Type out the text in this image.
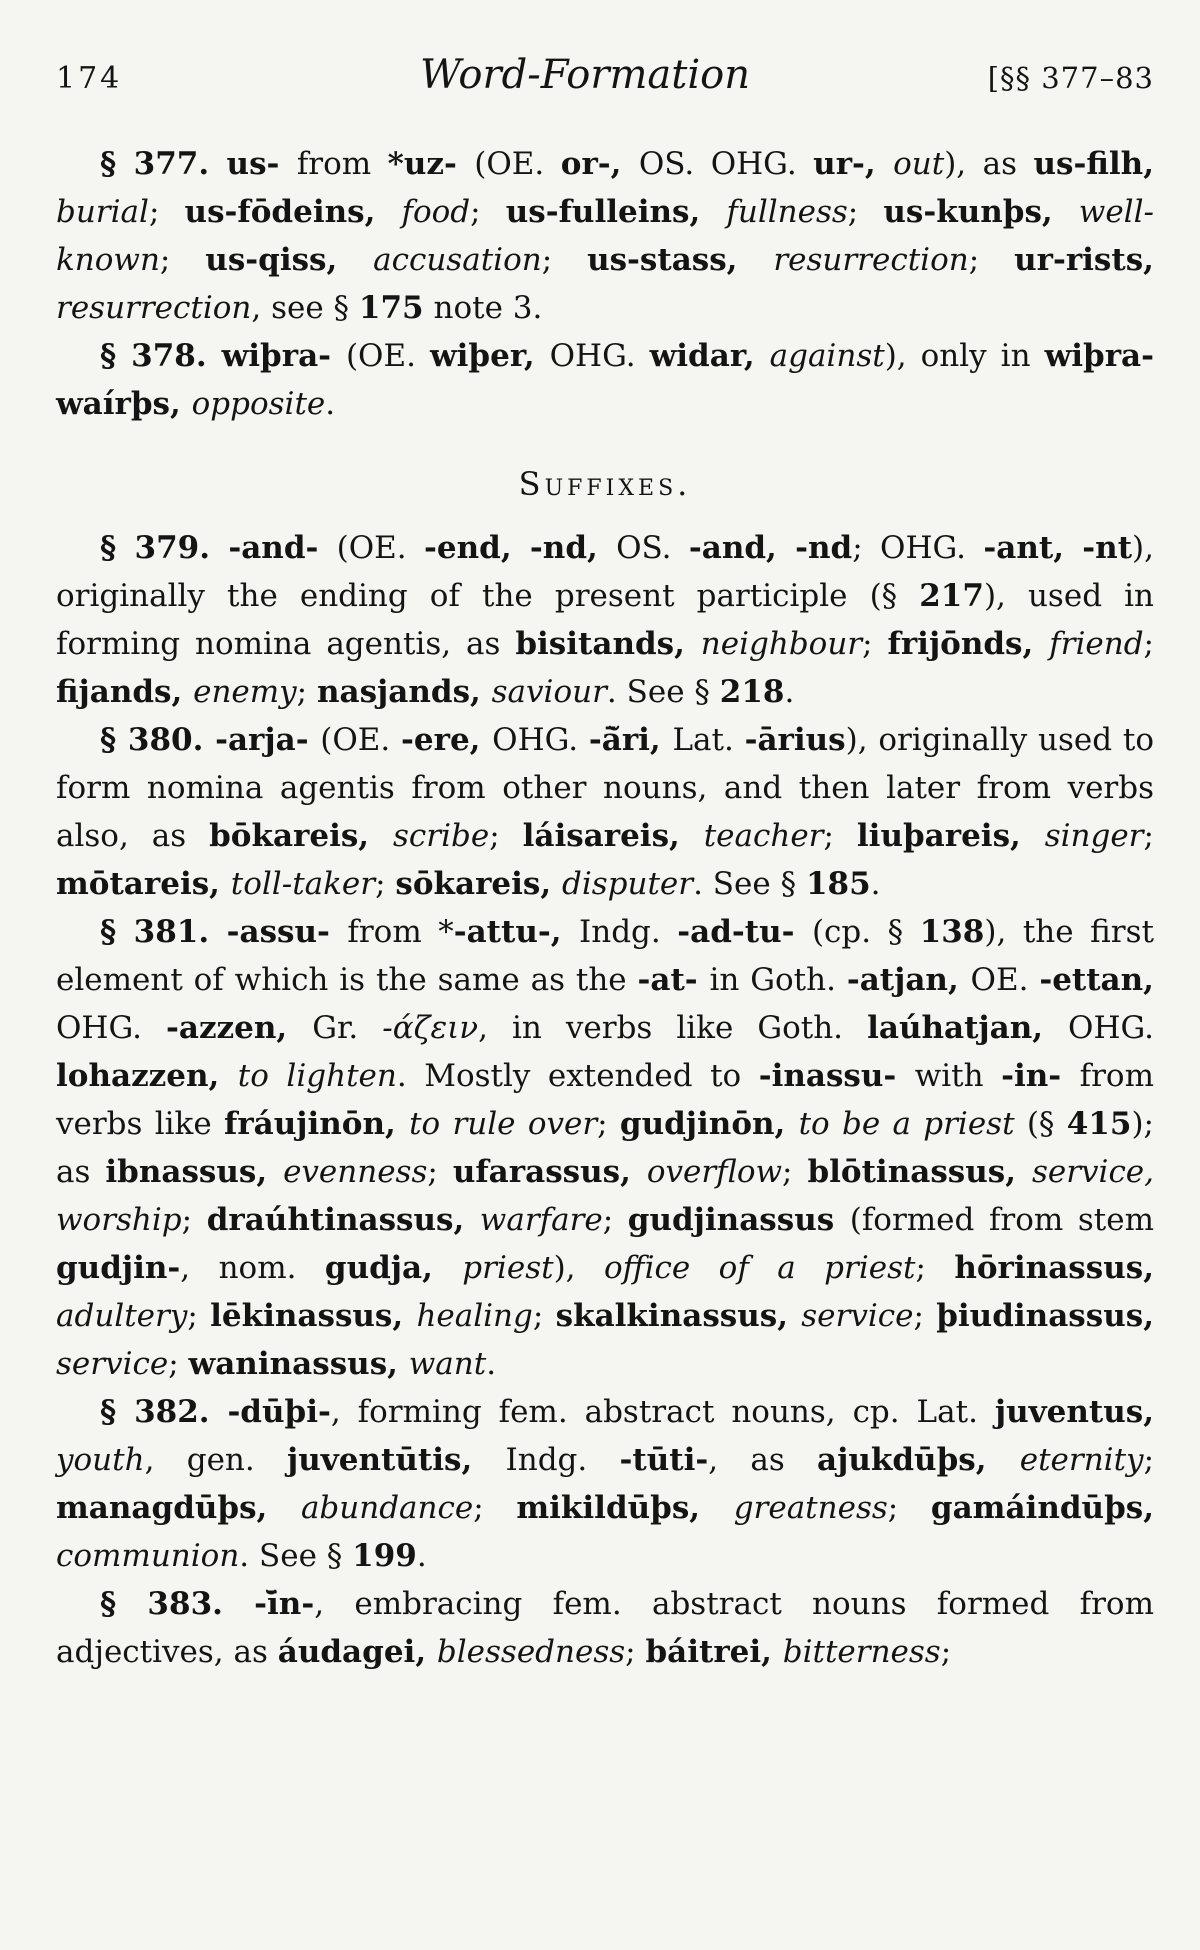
174	Word-Formation	[§§ 377–83

§ 377. us- from *uz- (OE. or-, OS. OHG. ur-, out), as us-filh, burial; us-fōdeins, food; us-fulleins, fullness; us-kunþs, well-known; us-qiss, accusation; us-stass, resurrection; ur-rists, resurrection, see § 175 note 3.

§ 378. wiþra- (OE. wiþer, OHG. widar, against), only in wiþra-waírþs, opposite.

Suffixes.

§ 379. -and- (OE. -end, -nd, OS. -and, -nd; OHG. -ant, -nt), originally the ending of the present participle (§ 217), used in forming nomina agentis, as bisitands, neighbour; frijōnds, friend; fijands, enemy; nasjands, saviour. See § 218.

§ 380. -arja- (OE. -ere, OHG. -ā̆ri, Lat. -ārius), originally used to form nomina agentis from other nouns, and then later from verbs also, as bōkareis, scribe; láisareis, teacher; liuþareis, singer; mōtareis, toll-taker; sōkareis, disputer. See § 185.

§ 381. -assu- from *-attu-, Indg. -ad-tu- (cp. § 138), the first element of which is the same as the -at- in Goth. -atjan, OE. -ettan, OHG. -azzen, Gr. -άζειν, in verbs like Goth. laúhatjan, OHG. lohazzen, to lighten. Mostly extended to -inassu- with -in- from verbs like fráujinōn, to rule over; gudjinōn, to be a priest (§ 415); as ibnassus, evenness; ufarassus, overflow; blōtinassus, service, worship; draúhtinassus, warfare; gudjinassus (formed from stem gudjin-, nom. gudja, priest), office of a priest; hōrinassus, adultery; lēkinassus, healing; skalkinassus, service; þiudinassus, service; waninassus, want.

§ 382. -dūþi-, forming fem. abstract nouns, cp. Lat. juventus, youth, gen. juventūtis, Indg. -tūti-, as ajukdūþs, eternity; managdūþs, abundance; mikildūþs, greatness; gamáindūþs, communion. See § 199.

§ 383. -ī̆n-, embracing fem. abstract nouns formed from adjectives, as áudagei, blessedness; báitrei, bitterness;
